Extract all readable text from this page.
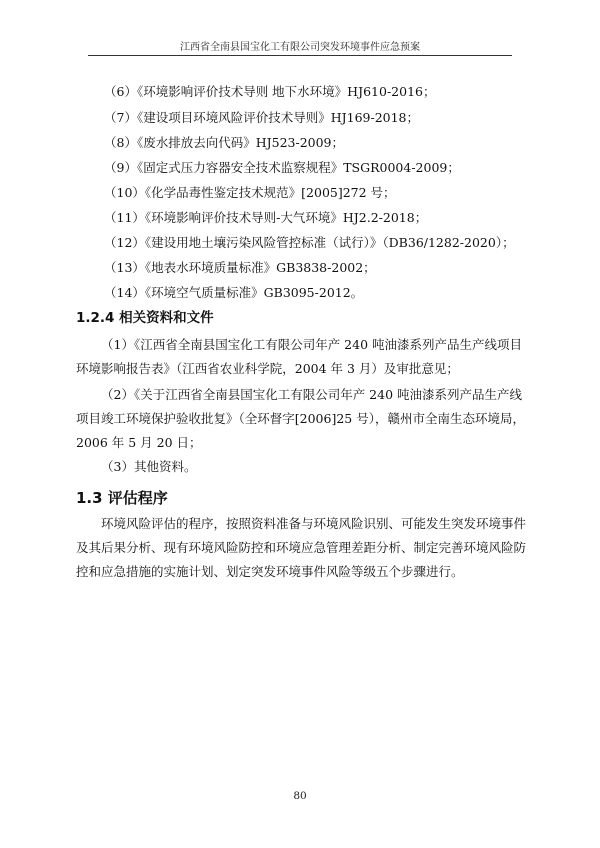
江西省全南县国宝化工有限公司突发环境事件应急预案
（6）《环境影响评价技术导则 地下水环境》HJ610-2016；
（7）《建设项目环境风险评价技术导则》HJ169-2018；
（8）《废水排放去向代码》HJ523-2009；
（9）《固定式压力容器安全技术监察规程》TSGR0004-2009；
（10）《化学品毒性鉴定技术规范》[2005]272 号；
（11）《环境影响评价技术导则-大气环境》HJ2.2-2018；
（12）《建设用地土壤污染风险管控标准（试行）》（DB36/1282-2020）；
（13）《地表水环境质量标准》GB3838-2002；
（14）《环境空气质量标准》GB3095-2012。
1.2.4 相关资料和文件
（1）《江西省全南县国宝化工有限公司年产 240 吨油漆系列产品生产线项目环境影响报告表》（江西省农业科学院，2004 年 3 月）及审批意见；
（2）《关于江西省全南县国宝化工有限公司年产 240 吨油漆系列产品生产线项目竣工环境保护验收批复》（全环督字[2006]25 号），赣州市全南生态环境局，2006 年 5 月 20 日；
（3）其他资料。
1.3 评估程序
环境风险评估的程序，按照资料准备与环境风险识别、可能发生突发环境事件及其后果分析、现有环境风险防控和环境应急管理差距分析、制定完善环境风险防控和应急措施的实施计划、划定突发环境事件风险等级五个步骤进行。
80
